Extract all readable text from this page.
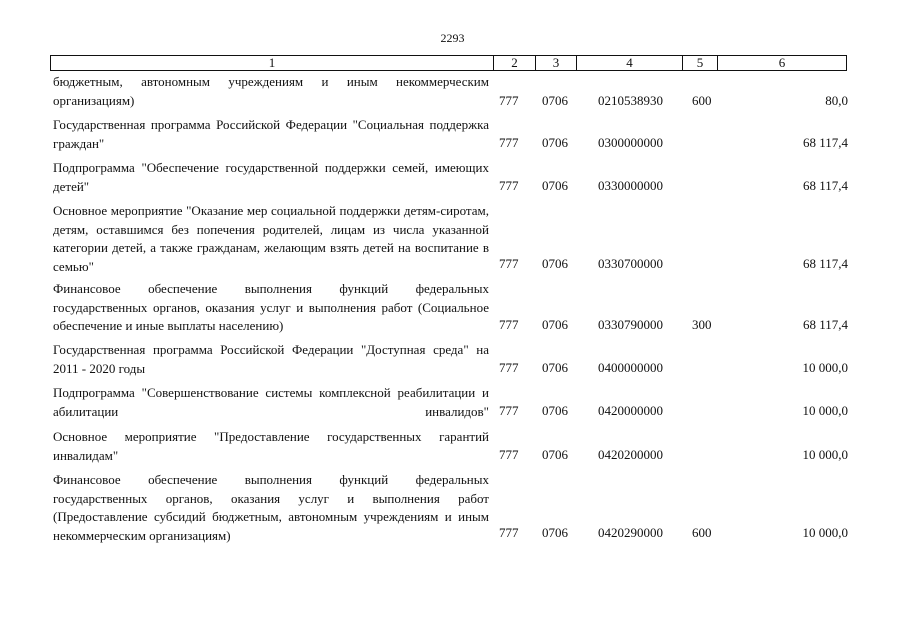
2293
1	2	3	4	5	6
бюджетным, автономным учреждениям и иным некоммерческим организациям)	777 0706 0210538930 600	80,0
Государственная программа Российской Федерации "Социальная поддержка граждан"	777 0706 0300000000	68 117,4
Подпрограмма "Обеспечение государственной поддержки семей, имеющих детей"	777 0706 0330000000	68 117,4
Основное мероприятие "Оказание мер социальной поддержки детям-сиротам, детям, оставшимся без попечения родителей, лицам из числа указанной категории детей, а также гражданам, желающим взять детей на воспитание в семью"	777 0706 0330700000	68 117,4
Финансовое обеспечение выполнения функций федеральных государственных органов, оказания услуг и выполнения работ (Социальное обеспечение и иные выплаты населению)	777 0706 0330790000 300	68 117,4
Государственная программа Российской Федерации "Доступная среда" на 2011 - 2020 годы	777 0706 0400000000	10 000,0
Подпрограмма "Совершенствование системы комплексной реабилитации и абилитации инвалидов" 777 0706 0420000000	10 000,0
Основное мероприятие "Предоставление государственных гарантий инвалидам"	777 0706 0420200000	10 000,0
Финансовое обеспечение выполнения функций федеральных государственных органов, оказания услуг и выполнения работ (Предоставление субсидий бюджетным, автономным учреждениям и иным некоммерческим организациям)	777 0706 0420290000 600	10 000,0
